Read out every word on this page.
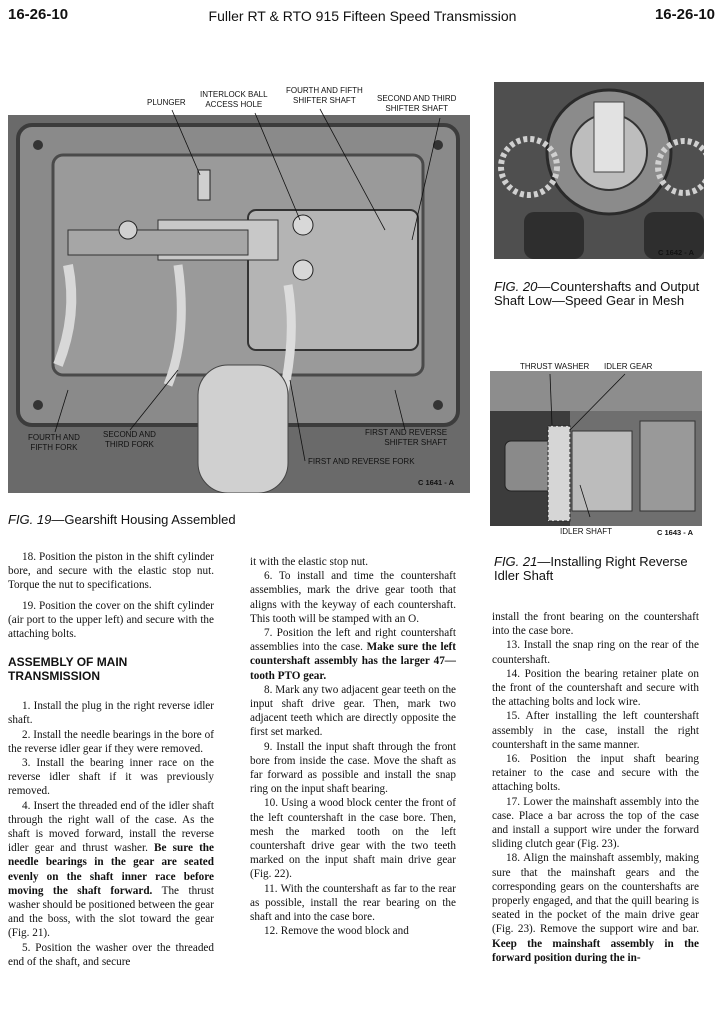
16-26-10	Fuller RT & RTO 915 Fifteen Speed Transmission	16-26-10
PLUNGER
INTERLOCK BALL
ACCESS HOLE
FOURTH AND FIFTH
SHIFTER SHAFT	SECOND AND THIRD
SHIFTER SHAFT
FIRST AND REVERSE
SHIFTER SHAFT
FIRST AND REVERSE FORK
FOURTH AND
FIFTH FORK
SECOND AND
THIRD FORK
C 1641 - A
FIG. 19—Gearshift Housing Assembled
C 1642 - A
FIG. 20—Countershafts and Output Shaft Low—Speed Gear in Mesh
THRUST WASHER IDLER GEAR
IDLER SHAFT	C 1643 - A
FIG. 21—Installing Right Reverse Idler Shaft

18. Position the piston in the shift cylinder bore, and secure with the elastic stop nut. Torque the nut to specifications.

19. Position the cover on the shift cylinder (air port to the upper left) and secure with the attaching bolts.

ASSEMBLY OF MAIN TRANSMISSION

1. Install the plug in the right reverse idler shaft.

2. Install the needle bearings in the bore of the reverse idler gear if they were removed.

3. Install the bearing inner race on the reverse idler shaft if it was previously removed.

4. Insert the threaded end of the idler shaft through the right wall of the case. As the shaft is moved forward, install the reverse idler gear and thrust washer. Be sure the needle bearings in the gear are seated evenly on the shaft inner race before moving the shaft forward. The thrust washer should be positioned between the gear and the boss, with the slot toward the gear (Fig. 21).

5. Position the washer over the threaded end of the shaft, and secure

it with the elastic stop nut.

6. To install and time the countershaft assemblies, mark the drive gear tooth that aligns with the keyway of each countershaft. This tooth will be stamped with an O.

7. Position the left and right countershaft assemblies into the case. Make sure the left countershaft assembly has the larger 47—tooth PTO gear.

8. Mark any two adjacent gear teeth on the input shaft drive gear. Then, mark two adjacent teeth which are directly opposite the first set marked.

9. Install the input shaft through the front bore from inside the case. Move the shaft as far forward as possible and install the snap ring on the input shaft bearing.

10. Using a wood block center the front of the left countershaft in the case bore. Then, mesh the marked tooth on the left countershaft drive gear with the two teeth marked on the input shaft main drive gear (Fig. 22).

11. With the countershaft as far to the rear as possible, install the rear bearing on the shaft and into the case bore.

12. Remove the wood block and

install the front bearing on the countershaft into the case bore.

13. Install the snap ring on the rear of the countershaft.

14. Position the bearing retainer plate on the front of the countershaft and secure with the attaching bolts and lock wire.

15. After installing the left countershaft assembly in the case, install the right countershaft in the same manner.

16. Position the input shaft bearing retainer to the case and secure with the attaching bolts.

17. Lower the mainshaft assembly into the case. Place a bar across the top of the case and install a support wire under the forward sliding clutch gear (Fig. 23).

18. Align the mainshaft assembly, making sure that the mainshaft gears and the corresponding gears on the countershafts are properly engaged, and that the quill bearing is seated in the pocket of the main drive gear (Fig. 23). Remove the support wire and bar. Keep the mainshaft assembly in the forward position during the in-
